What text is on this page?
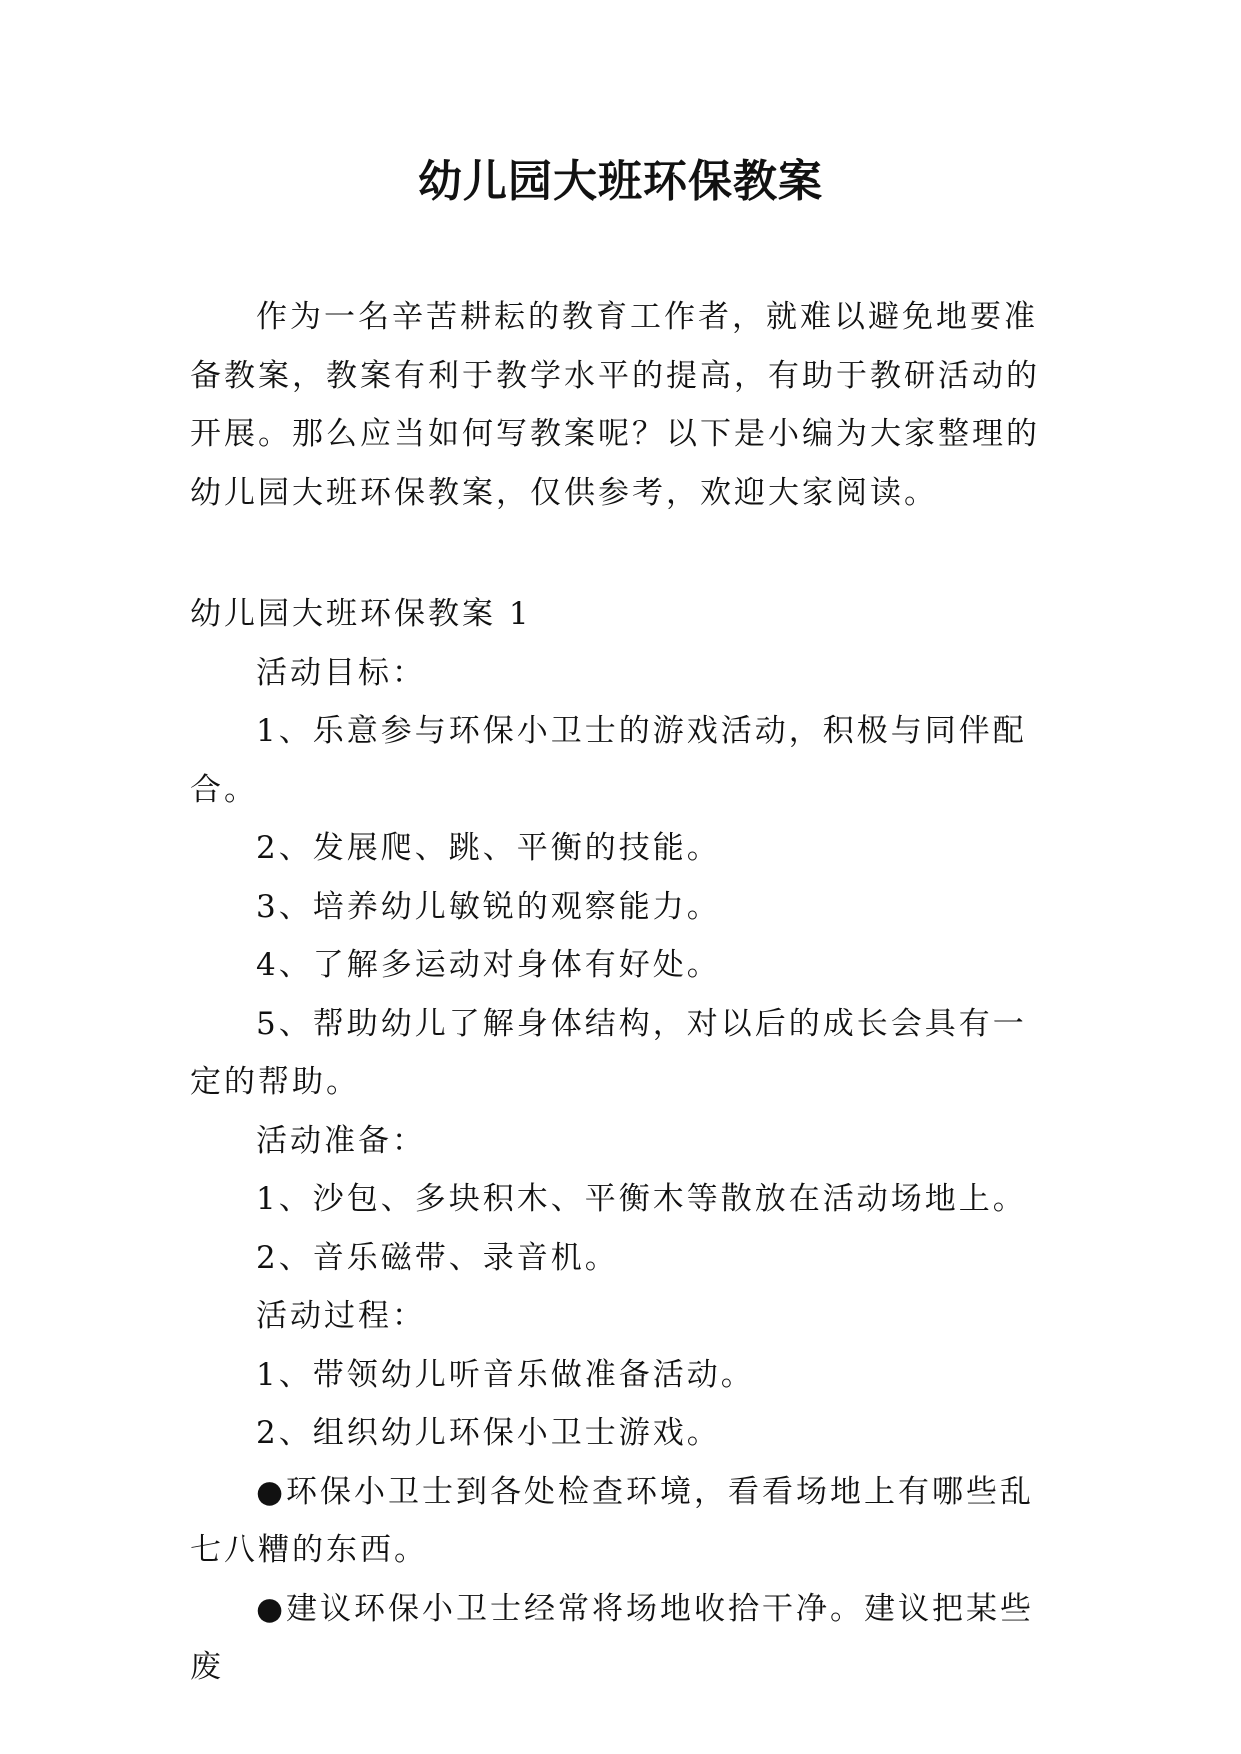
幼儿园大班环保教案

作为一名辛苦耕耘的教育工作者，就难以避免地要准备教案，教案有利于教学水平的提高，有助于教研活动的开展。那么应当如何写教案呢？以下是小编为大家整理的幼儿园大班环保教案，仅供参考，欢迎大家阅读。

幼儿园大班环保教案 1

活动目标：

1、乐意参与环保小卫士的游戏活动，积极与同伴配合。

2、发展爬、跳、平衡的技能。

3、培养幼儿敏锐的观察能力。

4、了解多运动对身体有好处。

5、帮助幼儿了解身体结构，对以后的成长会具有一定的帮助。

活动准备：

1、沙包、多块积木、平衡木等散放在活动场地上。

2、音乐磁带、录音机。

活动过程：

1、带领幼儿听音乐做准备活动。

2、组织幼儿环保小卫士游戏。

●环保小卫士到各处检查环境，看看场地上有哪些乱七八糟的东西。

●建议环保小卫士经常将场地收拾干净。建议把某些废
